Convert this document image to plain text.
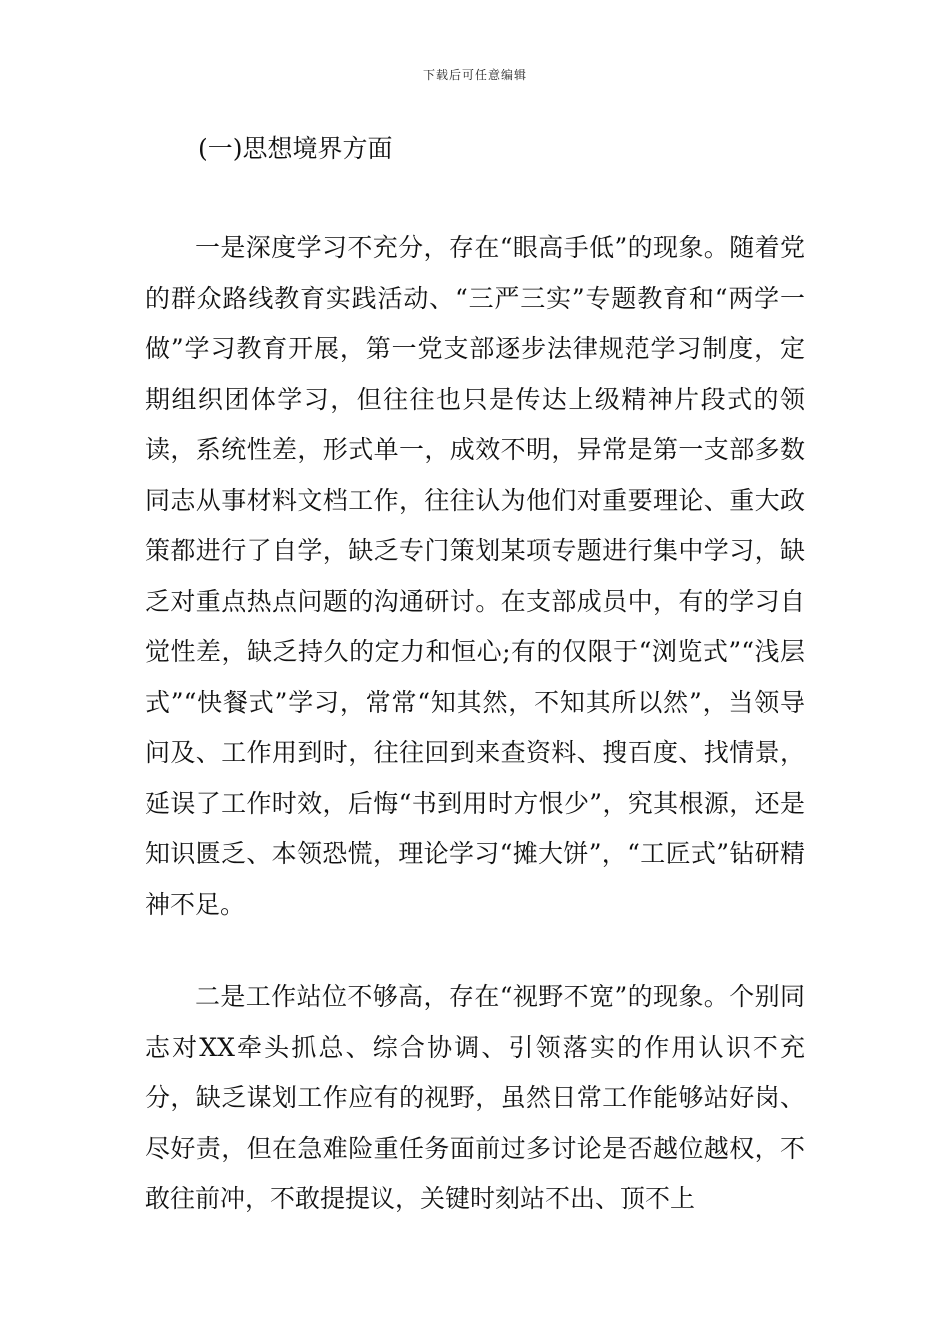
下载后可任意编辑
(一)思想境界方面

一是深度学习不充分，存在“眼高手低”的现象。随着党的群众路线教育实践活动、“三严三实”专题教育和“两学一做”学习教育开展，第一党支部逐步法律规范学习制度，定期组织团体学习，但往往也只是传达上级精神片段式的领读，系统性差，形式单一，成效不明，异常是第一支部多数同志从事材料文档工作，往往认为他们对重要理论、重大政策都进行了自学，缺乏专门策划某项专题进行集中学习，缺乏对重点热点问题的沟通研讨。在支部成员中，有的学习自觉性差，缺乏持久的定力和恒心;有的仅限于“浏览式”“浅层式”“快餐式”学习，常常“知其然，不知其所以然”，当领导问及、工作用到时，往往回到来查资料、搜百度、找情景，延误了工作时效，后悔“书到用时方恨少”，究其根源，还是知识匮乏、本领恐慌，理论学习“摊大饼”，“工匠式”钻研精神不足。

二是工作站位不够高，存在“视野不宽”的现象。个别同志对XX牵头抓总、综合协调、引领落实的作用认识不充分，缺乏谋划工作应有的视野，虽然日常工作能够站好岗、尽好责，但在急难险重任务面前过多讨论是否越位越权，不敢往前冲，不敢提提议，关键时刻站不出、顶不上
